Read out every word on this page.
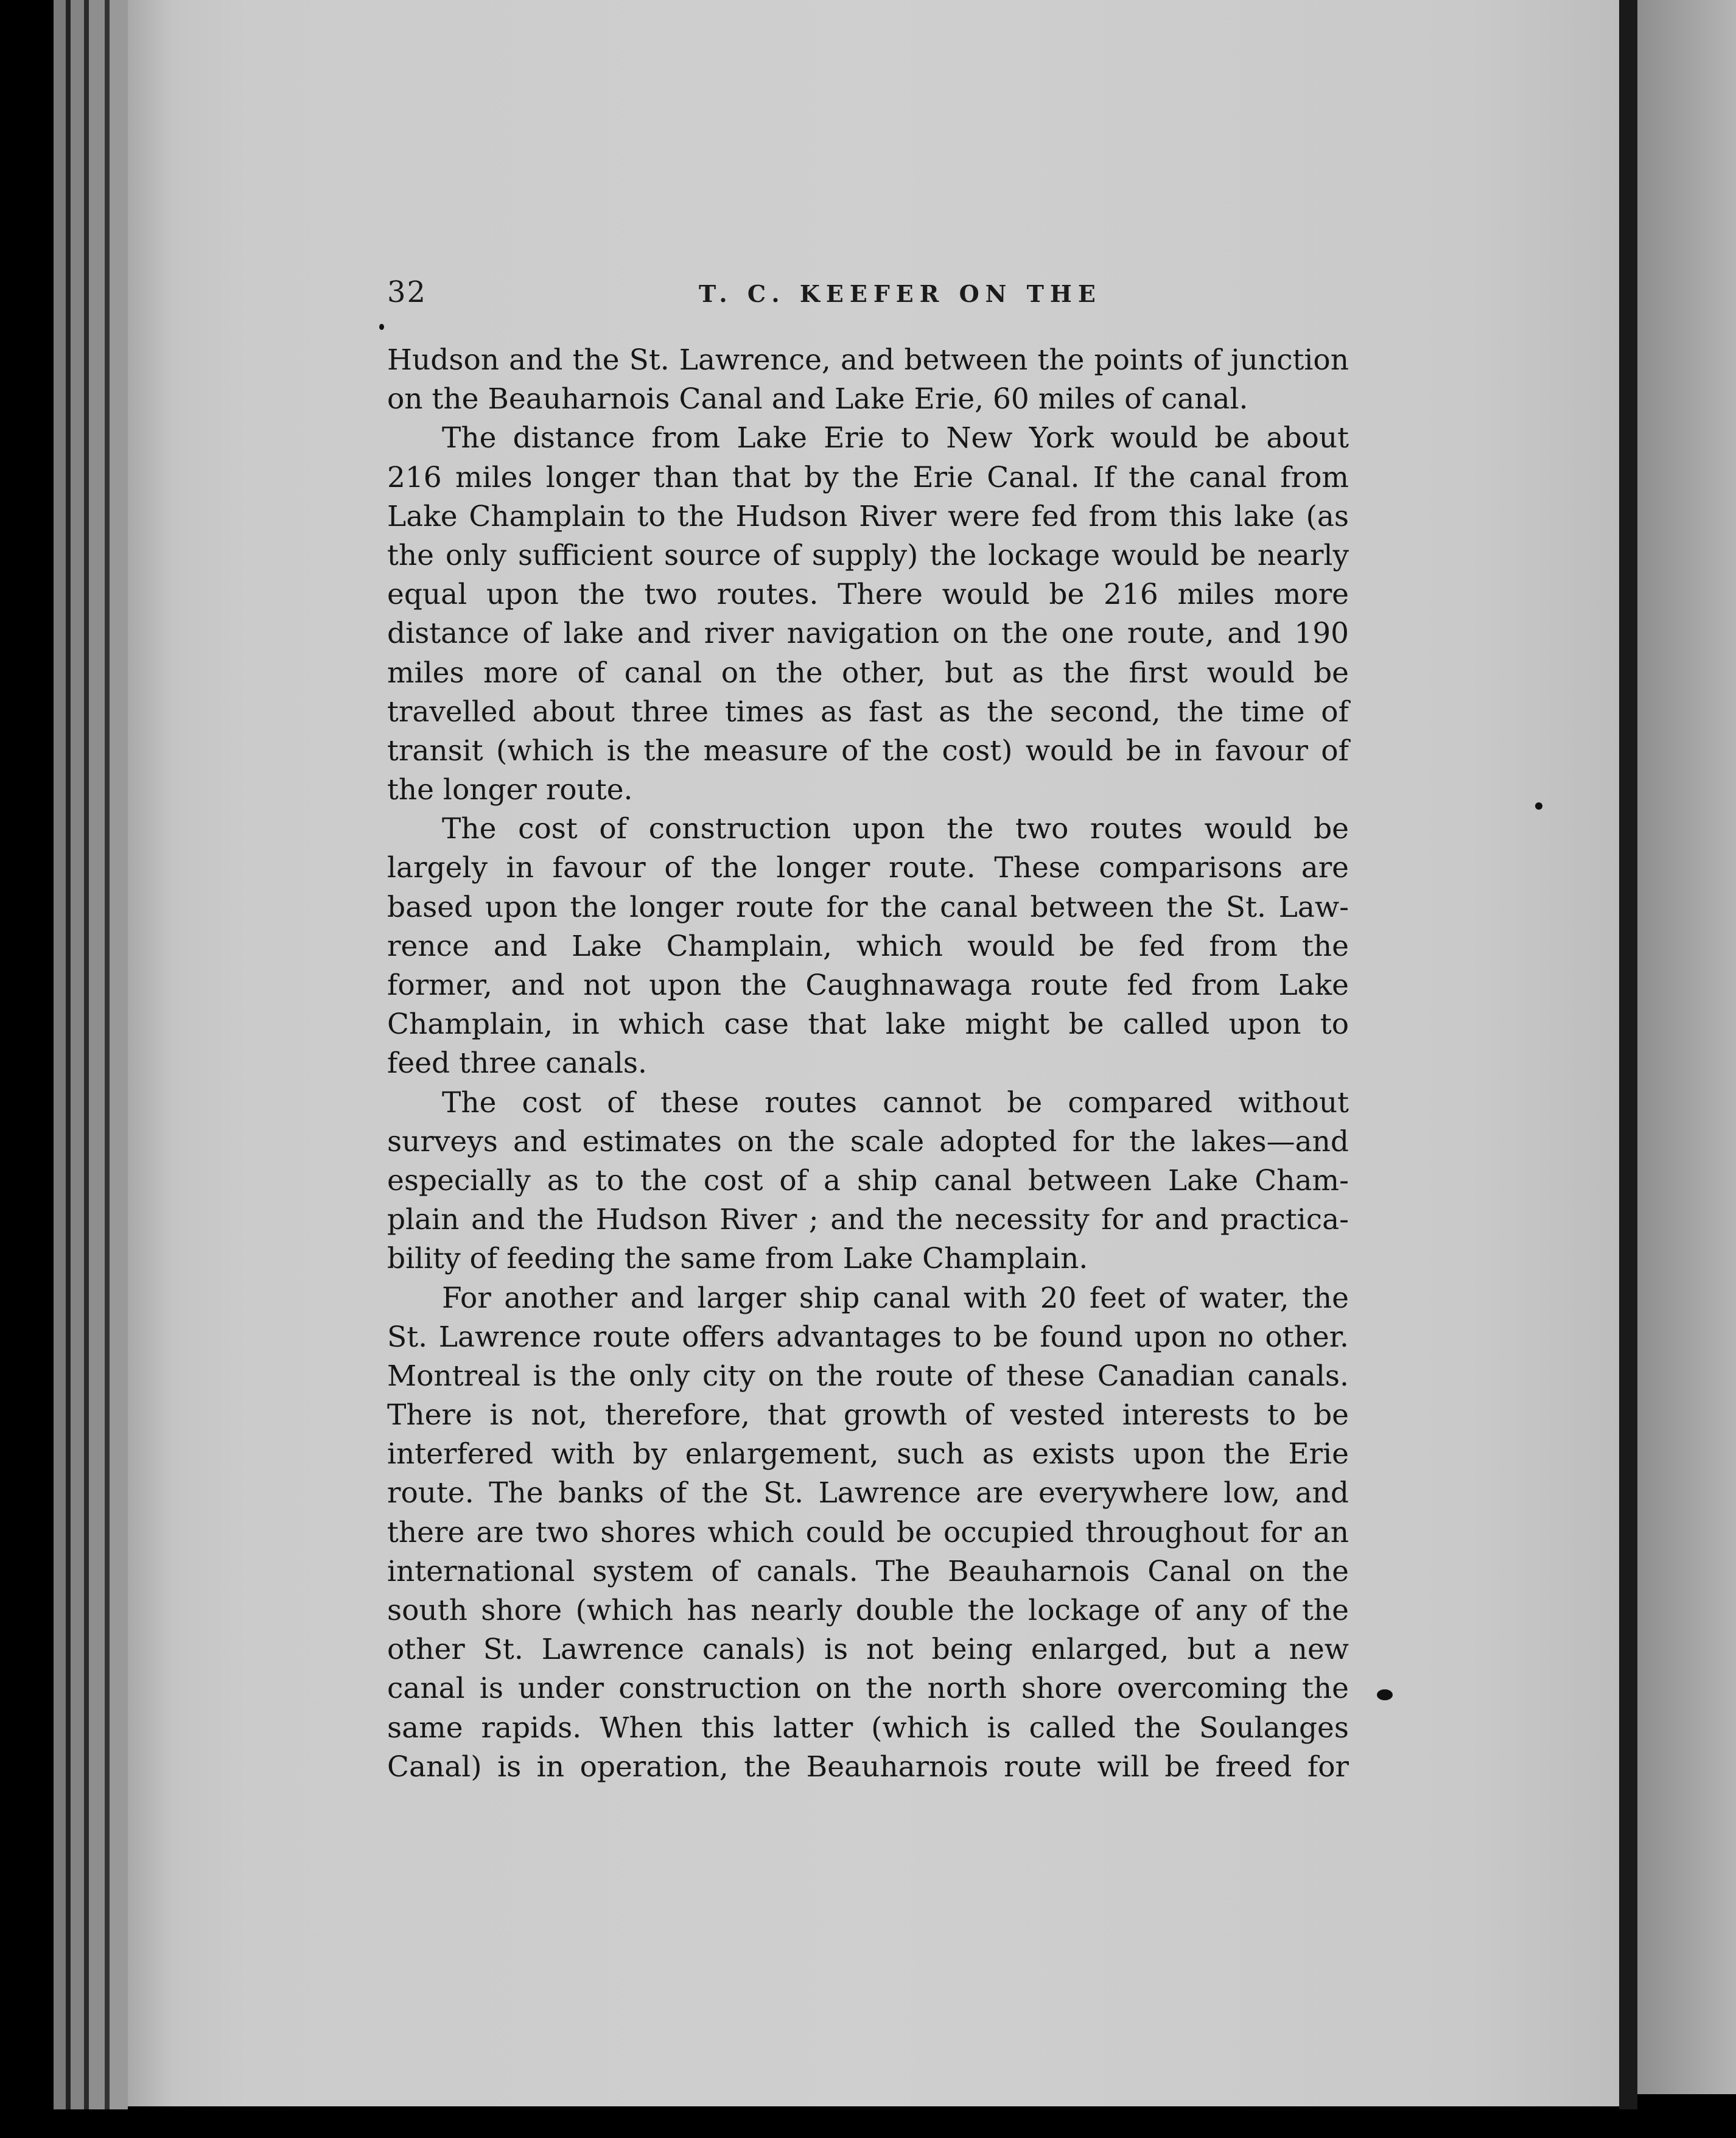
32	T. C. KEEFER ON THE
Hudson and the St. Lawrence, and between the points of junction
on the Beauharnois Canal and Lake Erie, 60 miles of canal.
The distance from Lake Erie to New York would be about
216 miles longer than that by the Erie Canal. If the canal from
Lake Champlain to the Hudson River were fed from this lake (as
the only sufficient source of supply) the lockage would be nearly
equal upon the two routes. There would be 216 miles more
distance of lake and river navigation on the one route, and 190
miles more of canal on the other, but as the first would be
travelled about three times as fast as the second, the time of
transit (which is the measure of the cost) would be in favour of
the longer route.
The cost of construction upon the two routes would be
largely in favour of the longer route. These comparisons are
based upon the longer route for the canal between the St. Law-
rence and Lake Champlain, which would be fed from the
former, and not upon the Caughnawaga route fed from Lake
Champlain, in which case that lake might be called upon to
feed three canals.
The cost of these routes cannot be compared without
surveys and estimates on the scale adopted for the lakes—and
especially as to the cost of a ship canal between Lake Cham-
plain and the Hudson River ; and the necessity for and practica-
bility of feeding the same from Lake Champlain.
For another and larger ship canal with 20 feet of water, the
St. Lawrence route offers advantages to be found upon no other.
Montreal is the only city on the route of these Canadian canals.
There is not, therefore, that growth of vested interests to be
interfered with by enlargement, such as exists upon the Erie
route. The banks of the St. Lawrence are everywhere low, and
there are two shores which could be occupied throughout for an
international system of canals. The Beauharnois Canal on the
south shore (which has nearly double the lockage of any of the
other St. Lawrence canals) is not being enlarged, but a new
canal is under construction on the north shore overcoming the
same rapids. When this latter (which is called the Soulanges
Canal) is in operation, the Beauharnois route will be freed for
